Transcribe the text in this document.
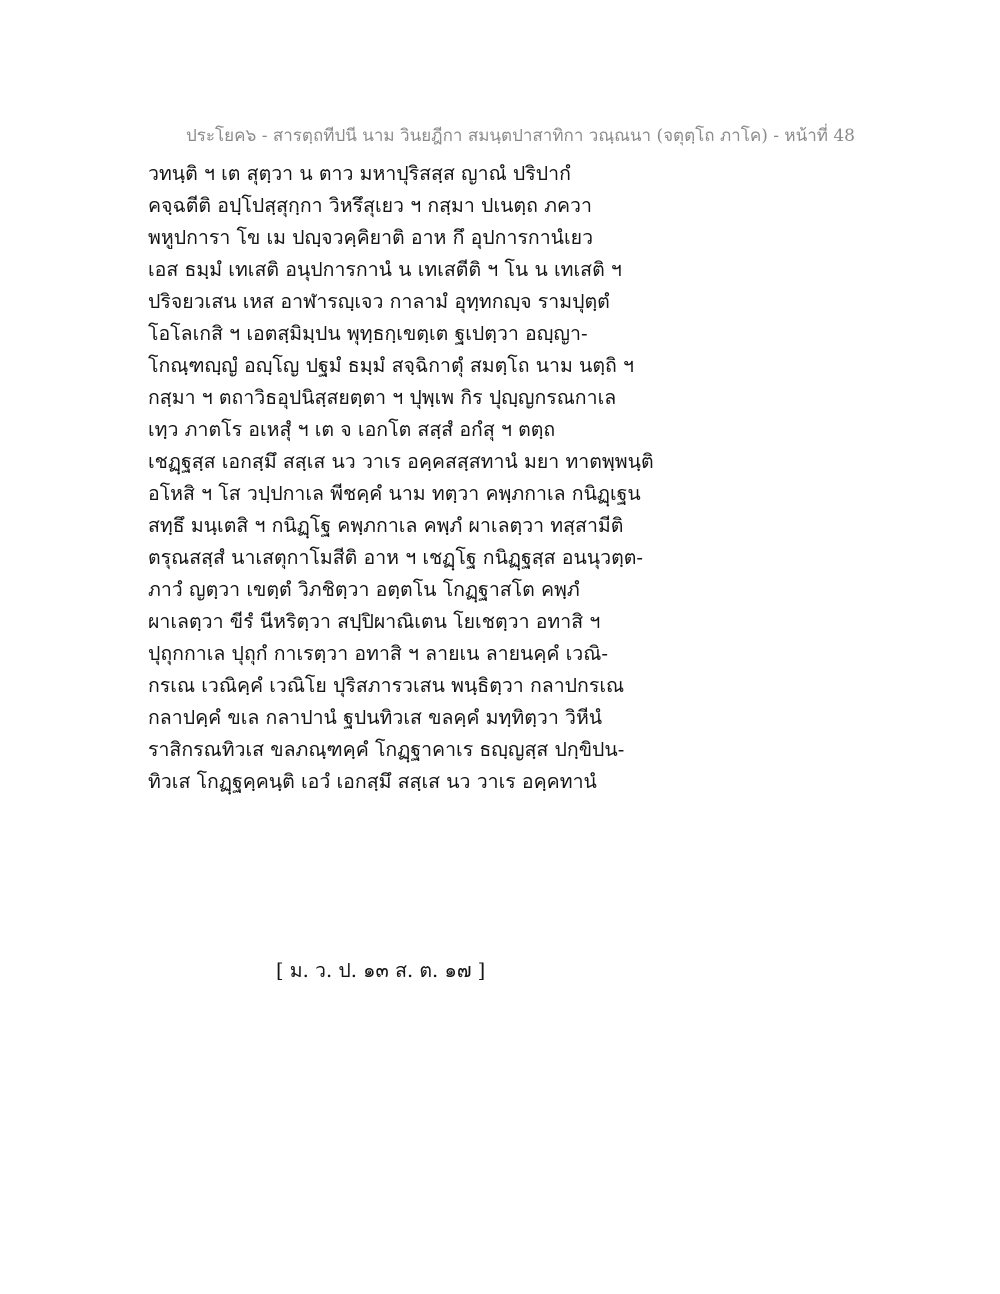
ประโยค๖ - สารตฺถทีปนี นาม วินยฎีกา สมนฺตปาสาทิกา วณฺณนา (จตุตฺโถ ภาโค) - หน้าที่ 48
วทนฺติ ฯ เต สุตฺวา น ตาว มหาปุริสสฺส ญาณํ ปริปากํ
คจฺฉตีติ อปฺโปสฺสุกฺกา วิหรึสุเยว ฯ กสฺมา ปเนตฺถ ภควา
พหูปการา โข เม ปญฺจวคฺคิยาติ อาห กึ อุปการกานํเยว
เอส ธมฺมํ เทเสติ อนุปการกานํ น เทเสตีติ ฯ โน น เทเสติ ฯ
ปริจยวเสน เหส อาฬารญฺเจว กาลามํ อุทฺทกญฺจ รามปุตฺตํ
โอโลเกสิ ฯ เอตสฺมิมฺปน พุทฺธกฺเขตฺเต ฐเปตฺวา อญฺญา-
โกณฺฑญฺญํ อญฺโญ ปฐมํ ธมฺมํ สจฺฉิกาตุํ สมตฺโถ นาม นตฺถิ ฯ
กสฺมา ฯ ตถาวิธอุปนิสฺสยตฺตา ฯ ปุพฺเพ กิร ปุญฺญกรณกาเล
เทฺว ภาตโร อเหสุํ ฯ เต จ เอกโต สสฺสํ อกํสุ ฯ ตตฺถ
เชฏฺฐสฺส เอกสฺมึ สสฺเส นว วาเร อคฺคสสฺสทานํ มยา ทาตพฺพนฺติ
อโหสิ ฯ โส วปฺปกาเล พีชคฺคํ นาม ทตฺวา คพฺภกาเล กนิฏฺเฐน
สทฺธึ มนฺเตสิ ฯ กนิฏฺโฐ คพฺภกาเล คพฺภํ ผาเลตฺวา ทสฺสามีติ
ตรุณสสฺสํ นาเสตุกาโมสีติ อาห ฯ เชฏฺโฐ กนิฏฺฐสฺส อนนุวตฺต-
ภาวํ ญตฺวา เขตฺตํ วิภชิตฺวา อตฺตโน โกฏฺฐาสโต คพฺภํ
ผาเลตฺวา ขีรํ นีหริตฺวา สปฺปิผาณิเตน โยเชตฺวา อทาสิ ฯ
ปุถุกกาเล ปุถุกํ กาเรตฺวา อทาสิ ฯ ลายเน ลายนคฺคํ เวณิ-
กรเณ เวณิคฺคํ เวณิโย ปุริสภารวเสน พนฺธิตฺวา กลาปกรเณ
กลาปคฺคํ ขเล กลาปานํ ฐปนทิวเส ขลคฺคํ มทฺทิตฺวา วิหีนํ
ราสิกรณทิวเส ขลภณฺฑคฺคํ โกฏฺฐาคาเร ธญฺญสฺส ปกฺขิปน-
ทิวเส โกฏฺฐคฺคนฺติ เอวํ เอกสฺมึ สสฺเส นว วาเร อคฺคทานํ
[ ม. ว. ป. ๑๓ ส. ต. ๑๗ ]
